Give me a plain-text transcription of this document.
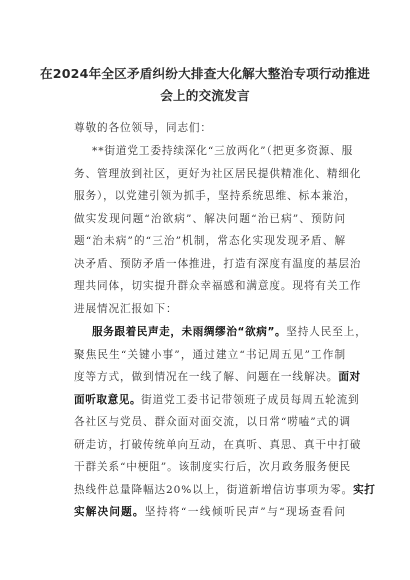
在2024年全区矛盾纠纷大排查大化解大整治专项行动推进
会上的交流发言
尊敬的各位领导，同志们：
**街道党工委持续深化“三放两化”（把更多资源、服
务、管理放到社区，更好为社区居民提供精准化、精细化
服务），以党建引领为抓手，坚持系统思维、标本兼治，
做实发现问题“治欲病”、解决问题“治已病”、预防问
题“治未病”的“三治”机制，常态化实现发现矛盾、解
决矛盾、预防矛盾一体推进，打造有深度有温度的基层治
理共同体，切实提升群众幸福感和满意度。现将有关工作
进展情况汇报如下：
服务跟着民声走，未雨绸缪治“欲病”。坚持人民至上，
聚焦民生“关键小事”，通过建立“书记周五见”工作制
度等方式，做到情况在一线了解、问题在一线解决。面对
面听取意见。街道党工委书记带领班子成员每周五轮流到
各社区与党员、群众面对面交流，以日常“唠嗑”式的调
研走访，打破传统单向互动，在真听、真思、真干中打破
干群关系“中梗阻”。该制度实行后，次月政务服务便民
热线件总量降幅达20%以上，街道新增信访事项为零。实打
实解决问题。坚持将“一线倾听民声”与“现场查看问
